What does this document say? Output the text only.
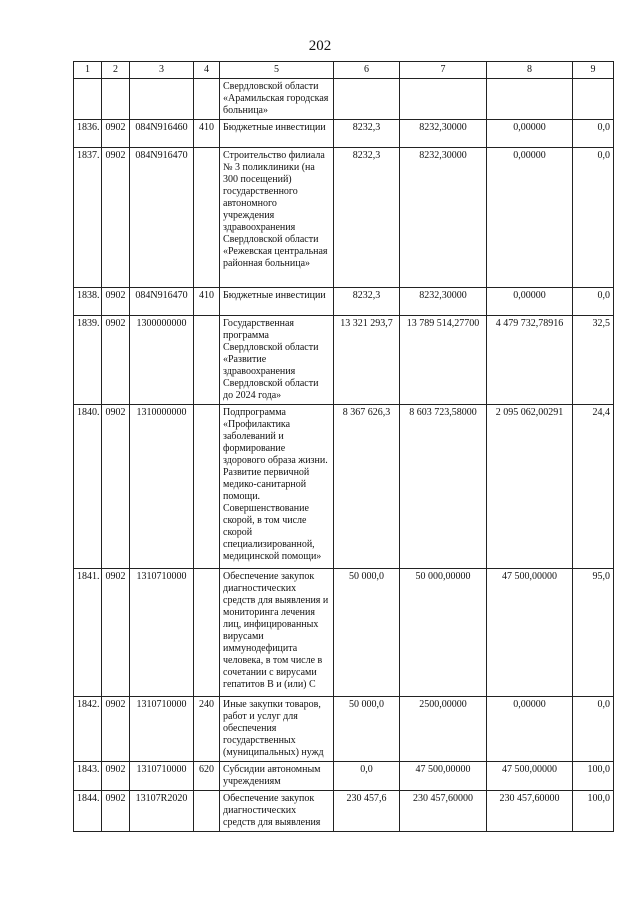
202
1	2	3	4	5	6	7	8	9
				Свердловской области «Арамильская городская больница»				
1836.	0902	084N916460	410	Бюджетные инвестиции	8232,3	8232,30000	0,00000	0,0
1837.	0902	084N916470		Строительство филиала № 3 поликлиники (на 300 посещений) государственного автономного учреждения здравоохранения Свердловской области «Режевская центральная районная больница»	8232,3	8232,30000	0,00000	0,0
1838.	0902	084N916470	410	Бюджетные инвестиции	8232,3	8232,30000	0,00000	0,0
1839.	0902	1300000000		Государственная программа Свердловской области «Развитие здравоохранения Свердловской области до 2024 года»	13 321 293,7	13 789 514,27700	4 479 732,78916	32,5
1840.	0902	1310000000		Подпрограмма «Профилактика заболеваний и формирование здорового образа жизни. Развитие первичной медико-санитарной помощи. Совершенствование скорой, в том числе скорой специализированной, медицинской помощи»	8 367 626,3	8 603 723,58000	2 095 062,00291	24,4
1841.	0902	1310710000		Обеспечение закупок диагностических средств для выявления и мониторинга лечения лиц, инфицированных вирусами иммунодефицита человека, в том числе в сочетании с вирусами гепатитов B и (или) C	50 000,0	50 000,00000	47 500,00000	95,0
1842.	0902	1310710000	240	Иные закупки товаров, работ и услуг для обеспечения государственных (муниципальных) нужд	50 000,0	2500,00000	0,00000	0,0
1843.	0902	1310710000	620	Субсидии автономным учреждениям	0,0	47 500,00000	47 500,00000	100,0
1844.	0902	13107R2020		Обеспечение закупок диагностических средств для выявления	230 457,6	230 457,60000	230 457,60000	100,0
